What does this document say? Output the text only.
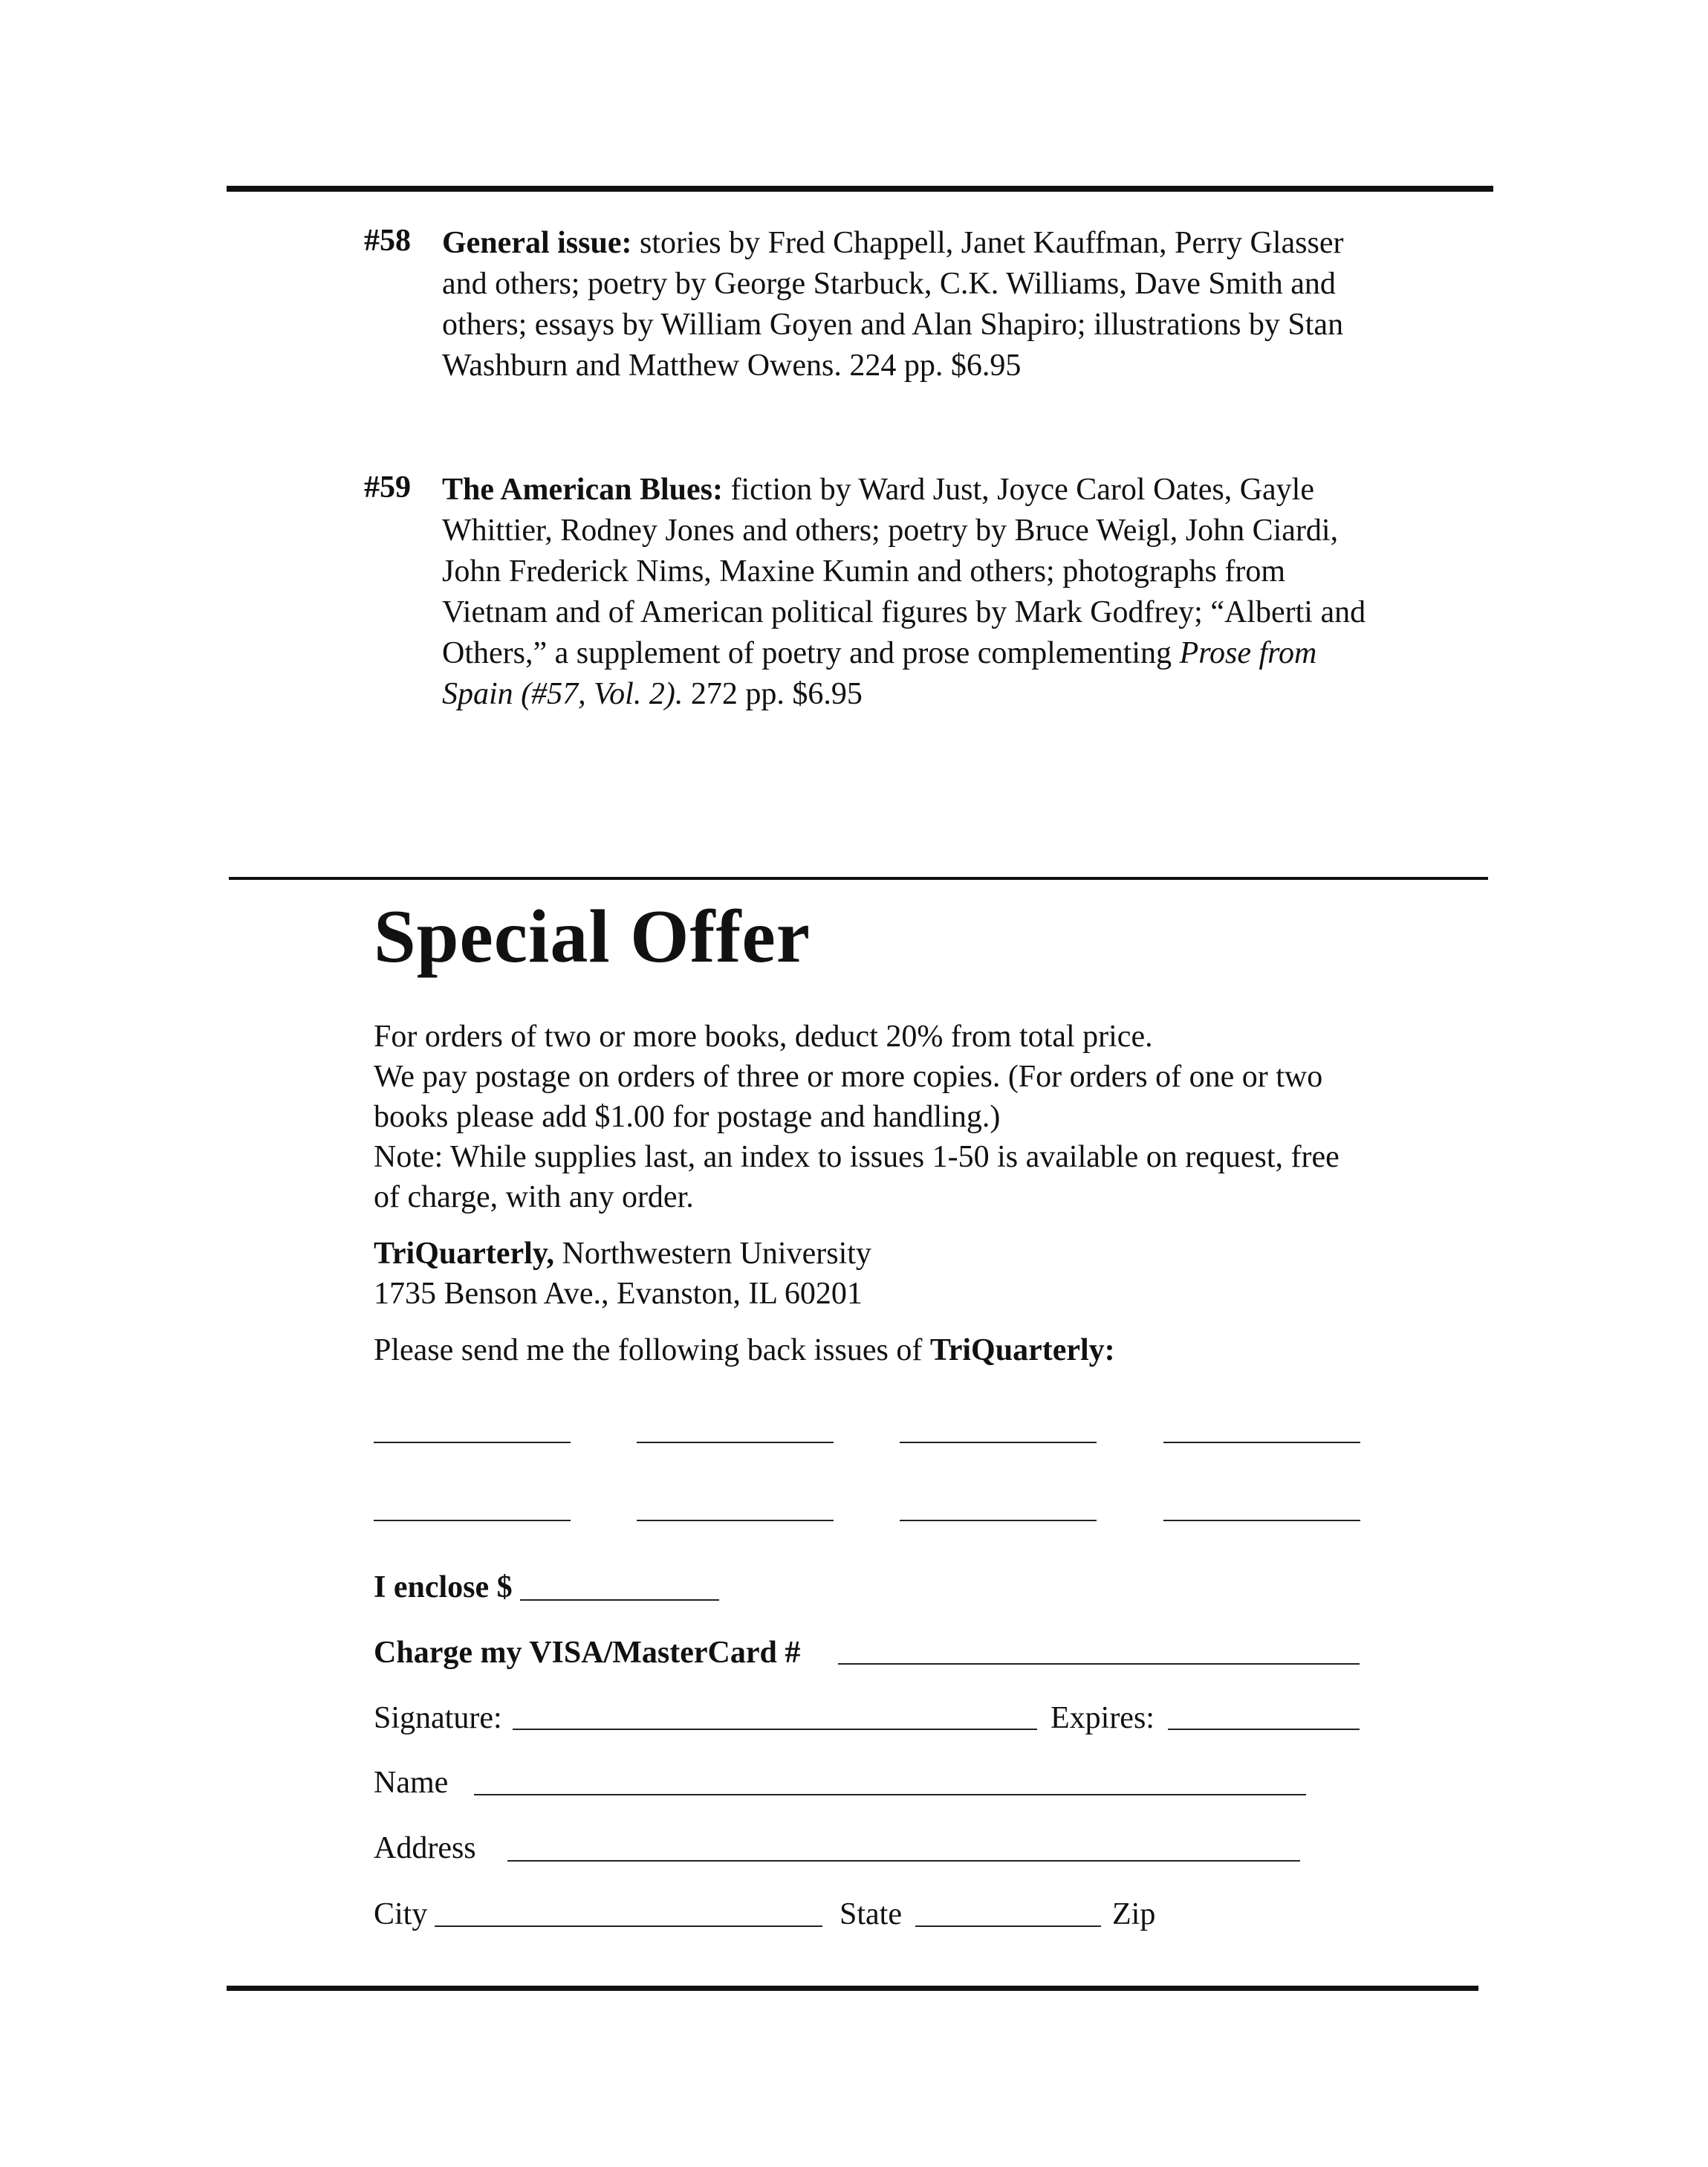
#58 General issue: stories by Fred Chappell, Janet Kauffman, Perry Glasser and others; poetry by George Starbuck, C.K. Williams, Dave Smith and others; essays by William Goyen and Alan Shapiro; illustrations by Stan Washburn and Matthew Owens. 224 pp. $6.95
#59 The American Blues: fiction by Ward Just, Joyce Carol Oates, Gayle Whittier, Rodney Jones and others; poetry by Bruce Weigl, John Ciardi, John Frederick Nims, Maxine Kumin and others; photographs from Vietnam and of American political figures by Mark Godfrey; “Alberti and Others,” a supplement of poetry and prose complementing Prose from Spain (#57, Vol. 2). 272 pp. $6.95
Special Offer
For orders of two or more books, deduct 20% from total price.
We pay postage on orders of three or more copies. (For orders of one or two books please add $1.00 for postage and handling.)
Note: While supplies last, an index to issues 1-50 is available on request, free of charge, with any order.
TriQuarterly, Northwestern University
1735 Benson Ave., Evanston, IL 60201
Please send me the following back issues of TriQuarterly:
I enclose $
Charge my VISA/MasterCard #
Signature:	Expires:
Name
Address
City	State	Zip
